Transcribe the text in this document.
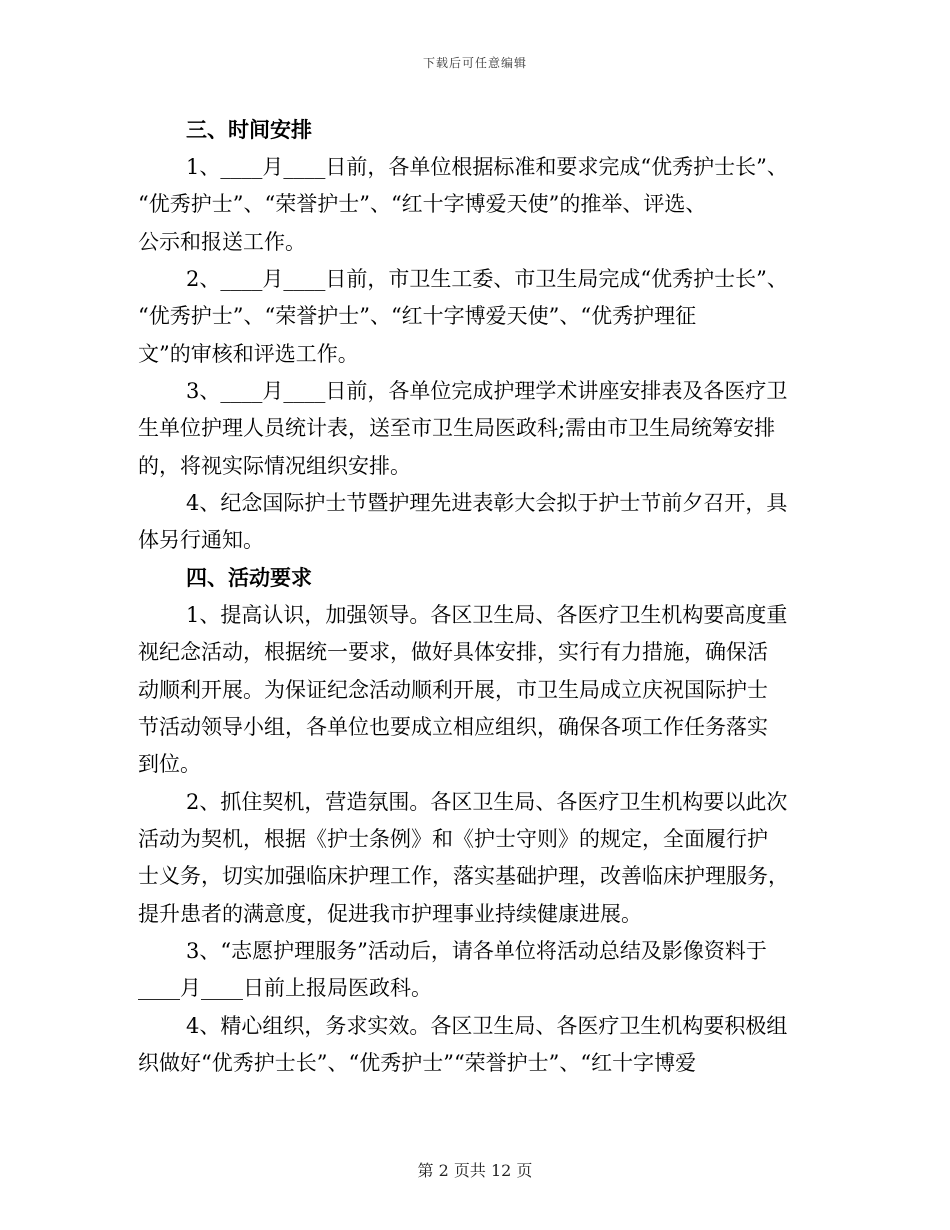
下载后可任意编辑
三、时间安排
1、____月____日前，各单位根据标准和要求完成“优秀护士长”、
“优秀护士”、“荣誉护士”、“红十字博爱天使”的推举、评选、
公示和报送工作。
2、____月____日前，市卫生工委、市卫生局完成“优秀护士长”、
“优秀护士”、“荣誉护士”、“红十字博爱天使”、“优秀护理征
文”的审核和评选工作。
3、____月____日前，各单位完成护理学术讲座安排表及各医疗卫
生单位护理人员统计表，送至市卫生局医政科;需由市卫生局统筹安排
的，将视实际情况组织安排。
4、纪念国际护士节暨护理先进表彰大会拟于护士节前夕召开，具
体另行通知。
四、活动要求
1、提高认识，加强领导。各区卫生局、各医疗卫生机构要高度重
视纪念活动，根据统一要求，做好具体安排，实行有力措施，确保活
动顺利开展。为保证纪念活动顺利开展，市卫生局成立庆祝国际护士
节活动领导小组，各单位也要成立相应组织，确保各项工作任务落实
到位。
2、抓住契机，营造氛围。各区卫生局、各医疗卫生机构要以此次
活动为契机，根据《护士条例》和《护士守则》的规定，全面履行护
士义务，切实加强临床护理工作，落实基础护理，改善临床护理服务，
提升患者的满意度，促进我市护理事业持续健康进展。
3、“志愿护理服务”活动后，请各单位将活动总结及影像资料于
____月____日前上报局医政科。
4、精心组织，务求实效。各区卫生局、各医疗卫生机构要积极组
织做好“优秀护士长”、“优秀护士”“荣誉护士”、“红十字博爱
第 2 页共 12 页
